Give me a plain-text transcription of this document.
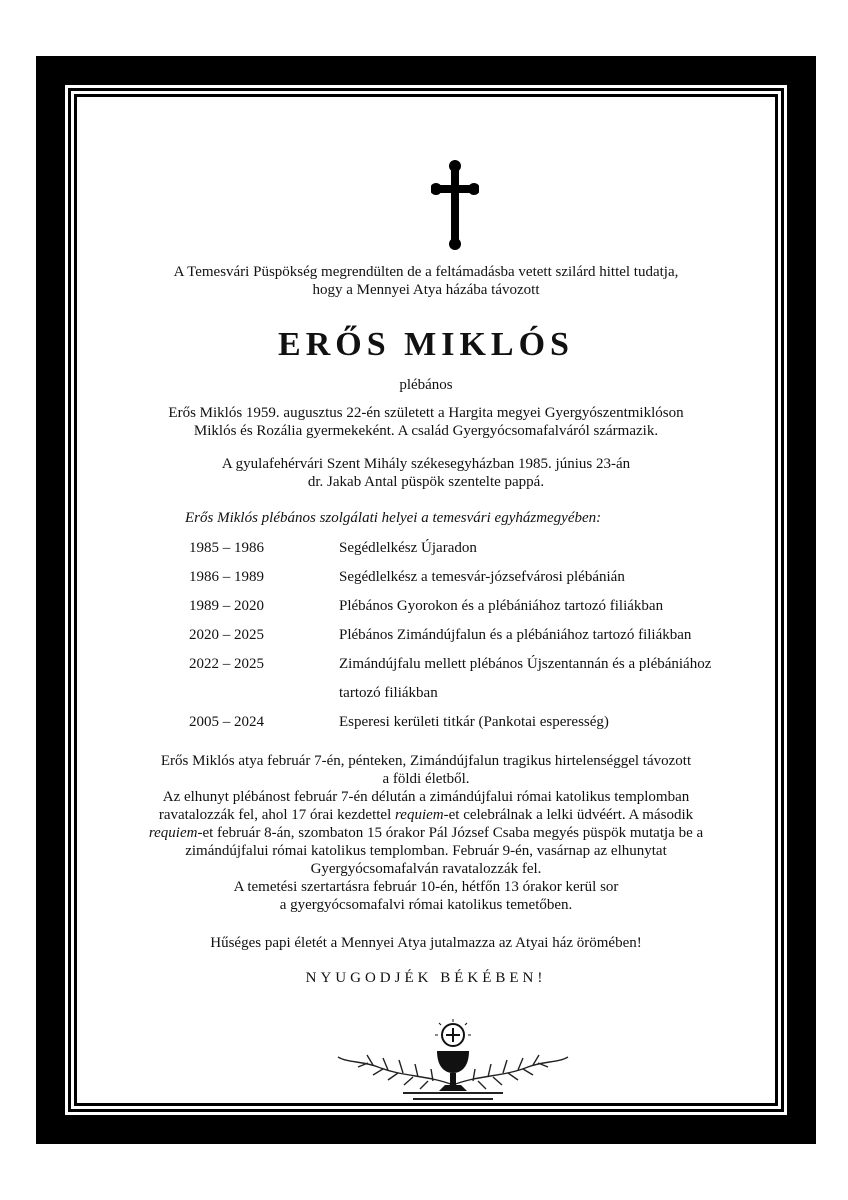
A Temesvári Püspökség megrendülten de a feltámadásba vetett szilárd hittel tudatja,
hogy a Mennyei Atya házába távozott
ERŐS MIKLÓS
plébános
Erős Miklós 1959. augusztus 22-én született a Hargita megyei Gyergyószentmiklóson
Miklós és Rozália gyermekeként. A család Gyergyócsomafalváról származik.
A gyulafehérvári Szent Mihály székesegyházban 1985. június 23-án
dr. Jakab Antal püspök szentelte pappá.
Erős Miklós plébános szolgálati helyei a temesvári egyházmegyében:
1985 – 1986	Segédlelkész Újaradon
1986 – 1989	Segédlelkész a temesvár-józsefvárosi plébánián
1989 – 2020	Plébános Gyorokon és a plébániához tartozó filiákban
2020 – 2025	Plébános Zimándújfalun és a plébániához tartozó filiákban
2022 – 2025	Zimándújfalu mellett plébános Újszentannán és a plébániához
tartozó filiákban
2005 – 2024	Esperesi kerületi titkár (Pankotai esperesség)

Erős Miklós atya február 7-én, pénteken, Zimándújfalun tragikus hirtelenséggel távozott

a földi életből.

Az elhunyt plébánost február 7-én délután a zimándújfalui római katolikus templomban

ravatalozzák fel, ahol 17 órai kezdettel requiem-et celebrálnak a lelki üdvéért. A második

requiem-et február 8-án, szombaton 15 órakor Pál József Csaba megyés püspök mutatja be a

zimándújfalui római katolikus templomban. Február 9-én, vasárnap az elhunytat

Gyergyócsomafalván ravatalozzák fel.

A temetési szertartásra február 10-én, hétfőn 13 órakor kerül sor

a gyergyócsomafalvi római katolikus temetőben.

Hűséges papi életét a Mennyei Atya jutalmazza az Atyai ház örömében!
NYUGODJÉK BÉKÉBEN!
